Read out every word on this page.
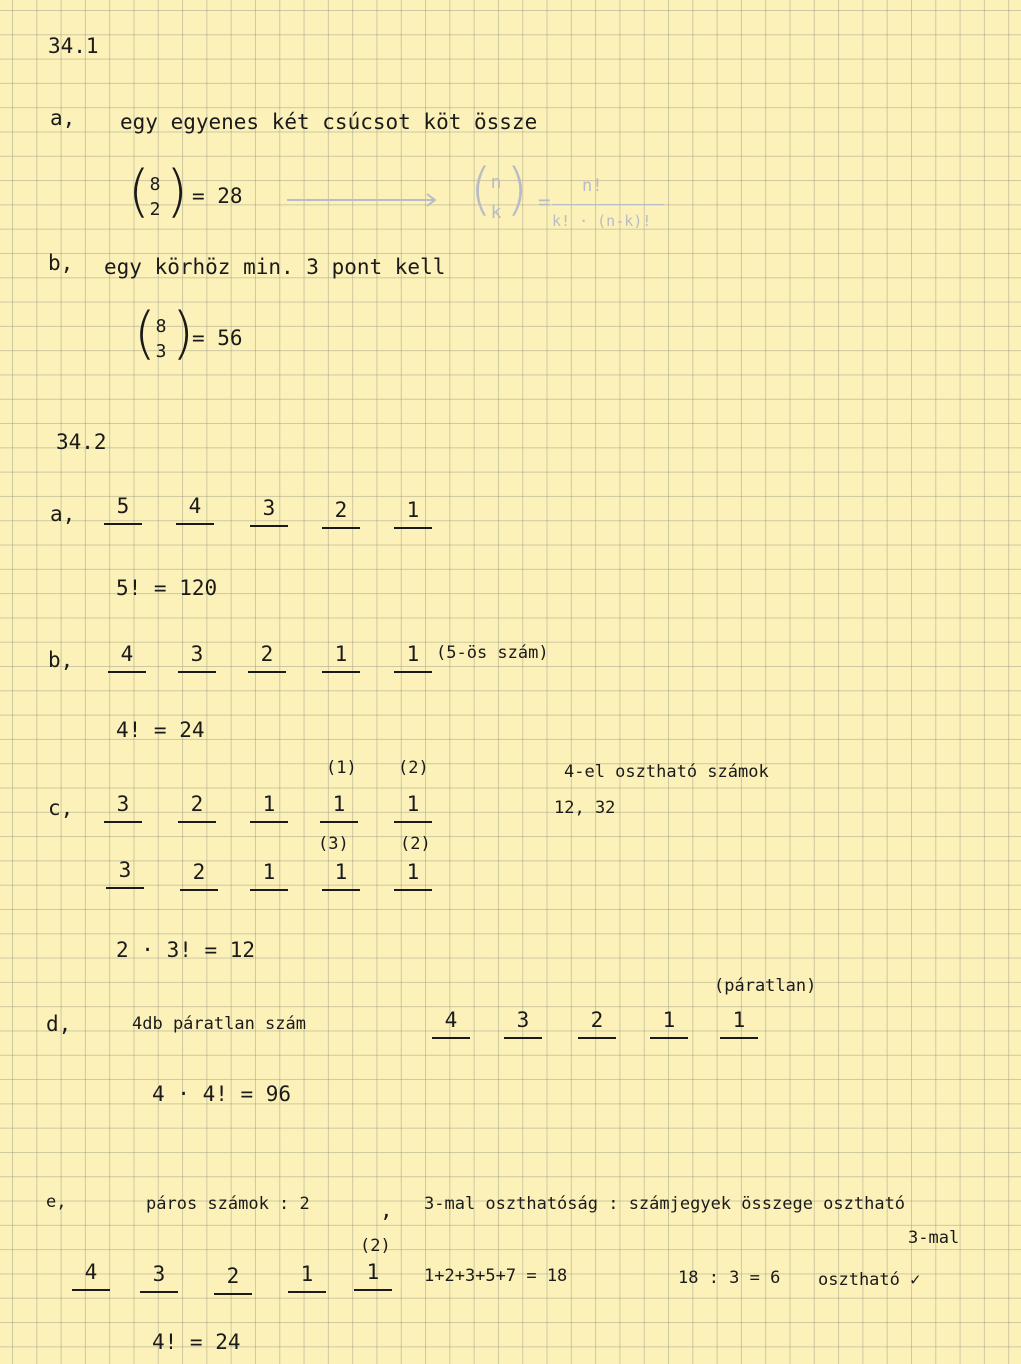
34.1
a, egy egyenes két csúcsot köt össze
( 8
2 ) = 28	(
n
k ) =
n!
k! · (n-k)!
b, egy körhöz min. 3 pont kell
( 8
3 )
= 56
34.2
a,	5	4	3	2	1
5! = 120
b,	4	3	2	1	1 (5-ös szám)
4! = 24
(1) (2)
c,	3	2	1	1	1
(3)	(2)
3	2	1	1	1
4-el osztható számok
12, 32
2 · 3! = 12
(páratlan)
d,	4db páratlan szám	4	3	2	1	1
4 · 4! = 96
e,	páros számok : 2	, 3-mal oszthatóság : számjegyek összege osztható
3-mal
(2)
4	3	2	1	1	1+2+3+5+7 = 18	18 : 3 = 6 osztható ✓
4! = 24
